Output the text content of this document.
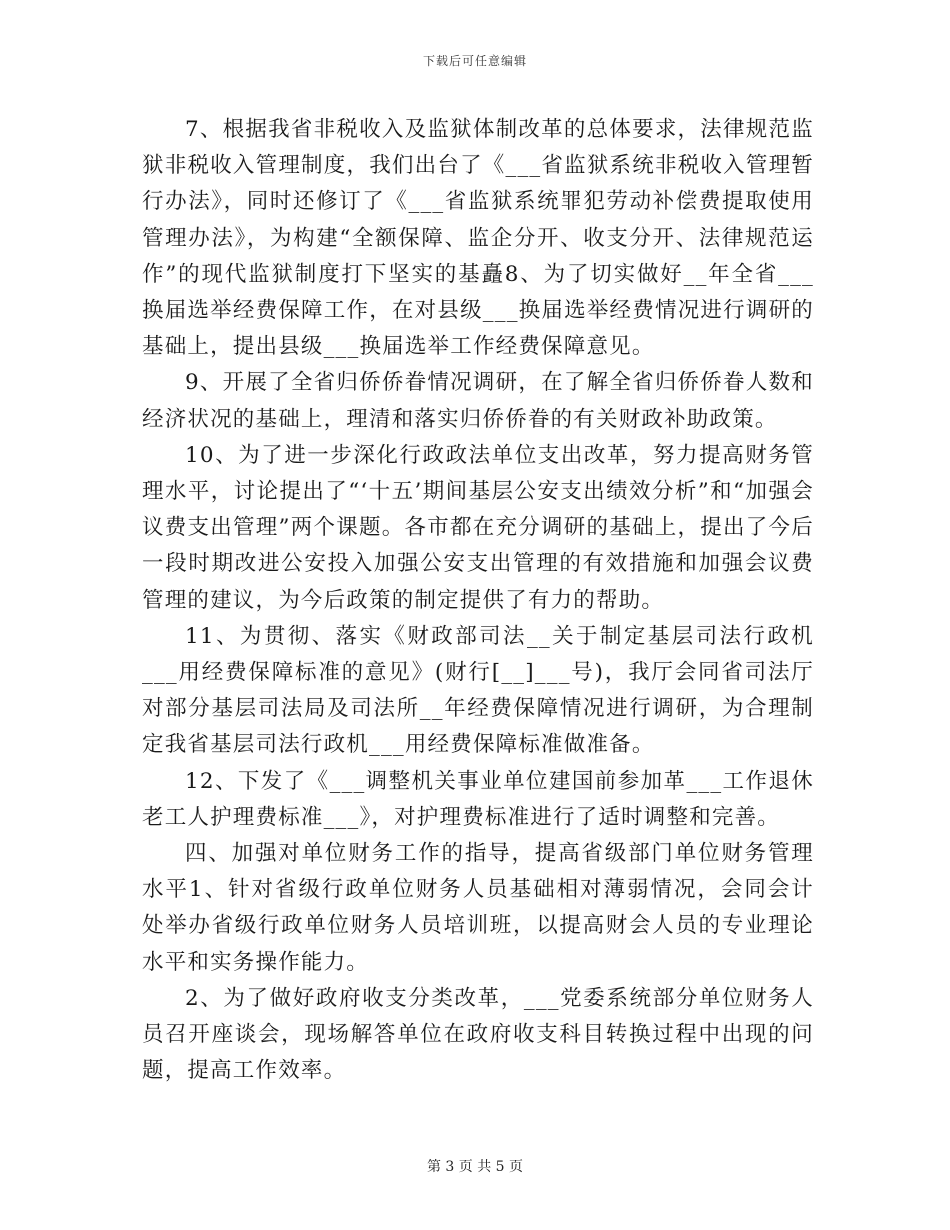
下载后可任意编辑

7、根据我省非税收入及监狱体制改革的总体要求，法律规范监狱非税收入管理制度，我们出台了《___省监狱系统非税收入管理暂行办法》，同时还修订了《___省监狱系统罪犯劳动补偿费提取使用管理办法》，为构建“全额保障、监企分开、收支分开、法律规范运作”的现代监狱制度打下坚实的基矗8、为了切实做好__年全省___换届选举经费保障工作，在对县级___换届选举经费情况进行调研的基础上，提出县级___换届选举工作经费保障意见。

9、开展了全省归侨侨眷情况调研，在了解全省归侨侨眷人数和经济状况的基础上，理清和落实归侨侨眷的有关财政补助政策。

10、为了进一步深化行政政法单位支出改革，努力提高财务管理水平，讨论提出了“‘十五’期间基层公安支出绩效分析”和“加强会议费支出管理”两个课题。各市都在充分调研的基础上，提出了今后一段时期改进公安投入加强公安支出管理的有效措施和加强会议费管理的建议，为今后政策的制定提供了有力的帮助。

11、为贯彻、落实《财政部司法__关于制定基层司法行政机___用经费保障标准的意见》(财行[__]___号)，我厅会同省司法厅对部分基层司法局及司法所__年经费保障情况进行调研，为合理制定我省基层司法行政机___用经费保障标准做准备。

12、下发了《___调整机关事业单位建国前参加革___工作退休老工人护理费标准___》，对护理费标准进行了适时调整和完善。

四、加强对单位财务工作的指导，提高省级部门单位财务管理水平1、针对省级行政单位财务人员基础相对薄弱情况，会同会计处举办省级行政单位财务人员培训班，以提高财会人员的专业理论水平和实务操作能力。

2、为了做好政府收支分类改革，___党委系统部分单位财务人员召开座谈会，现场解答单位在政府收支科目转换过程中出现的问题，提高工作效率。

第 3 页 共 5 页
